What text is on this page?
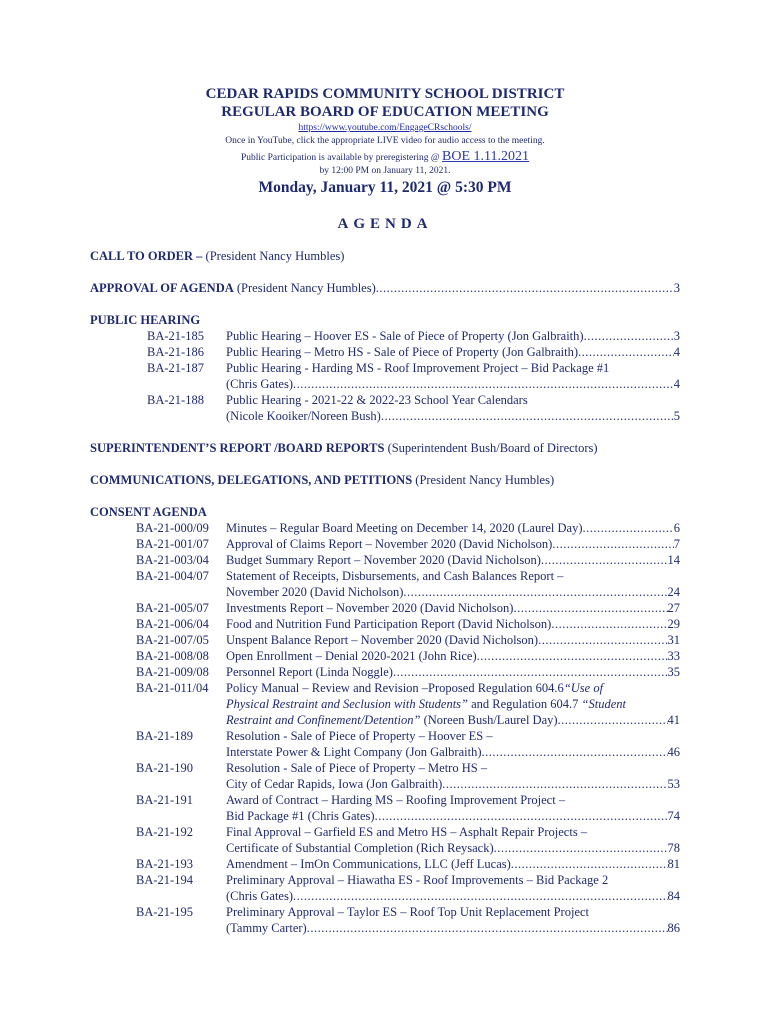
CEDAR RAPIDS COMMUNITY SCHOOL DISTRICT
REGULAR BOARD OF EDUCATION MEETING
https://www.youtube.com/EngageCRschools/
Once in YouTube, click the appropriate LIVE video for audio access to the meeting.
Public Participation is available by preregistering @ BOE 1.11.2021
by 12:00 PM on January 11, 2021.
Monday, January 11, 2021 @ 5:30 PM
AGENDA
CALL TO ORDER – (President Nancy Humbles)
APPROVAL OF AGENDA (President Nancy Humbles) .....	3
PUBLIC HEARING
BA-21-185 Public Hearing – Hoover ES - Sale of Piece of Property (Jon Galbraith) .....	3
BA-21-186 Public Hearing – Metro HS - Sale of Piece of Property (Jon Galbraith) .....	4
BA-21-187 Public Hearing - Harding MS - Roof Improvement Project – Bid Package #1
(Chris Gates) .....	4
BA-21-188 Public Hearing - 2021-22 & 2022-23 School Year Calendars
(Nicole Kooiker/Noreen Bush) .....	5
SUPERINTENDENT’S REPORT /BOARD REPORTS (Superintendent Bush/Board of Directors)
COMMUNICATIONS, DELEGATIONS, AND PETITIONS (President Nancy Humbles)
CONSENT AGENDA
BA-21-000/09 Minutes – Regular Board Meeting on December 14, 2020 (Laurel Day) .....	6
BA-21-001/07 Approval of Claims Report – November 2020 (David Nicholson) .....	7
BA-21-003/04 Budget Summary Report – November 2020 (David Nicholson) .....	14
BA-21-004/07 Statement of Receipts, Disbursements, and Cash Balances Report –
November 2020 (David Nicholson) .....	24
BA-21-005/07 Investments Report – November 2020 (David Nicholson) .....	27
BA-21-006/04 Food and Nutrition Fund Participation Report (David Nicholson) .....	29
BA-21-007/05 Unspent Balance Report – November 2020 (David Nicholson) .....	31
BA-21-008/08 Open Enrollment – Denial 2020-2021 (John Rice) .....	33
BA-21-009/08 Personnel Report (Linda Noggle) .....	35
BA-21-011/04 Policy Manual – Review and Revision –Proposed Regulation 604.6“Use of
Physical Restraint and Seclusion with Students” and Regulation 604.7 “Student
Restraint and Confinement/Detention” (Noreen Bush/Laurel Day) .....	41
BA-21-189	Resolution - Sale of Piece of Property – Hoover ES –
Interstate Power & Light Company (Jon Galbraith) .....	46
BA-21-190	Resolution - Sale of Piece of Property – Metro HS –
City of Cedar Rapids, Iowa (Jon Galbraith) .....	53
BA-21-191	Award of Contract – Harding MS – Roofing Improvement Project –
Bid Package #1 (Chris Gates) .....	74
BA-21-192	Final Approval – Garfield ES and Metro HS – Asphalt Repair Projects –
Certificate of Substantial Completion (Rich Reysack) .....	78
BA-21-193	Amendment – ImOn Communications, LLC (Jeff Lucas) .....	81
BA-21-194	Preliminary Approval – Hiawatha ES - Roof Improvements – Bid Package 2
(Chris Gates) .....	84
BA-21-195	Preliminary Approval – Taylor ES – Roof Top Unit Replacement Project
(Tammy Carter) .....	86
